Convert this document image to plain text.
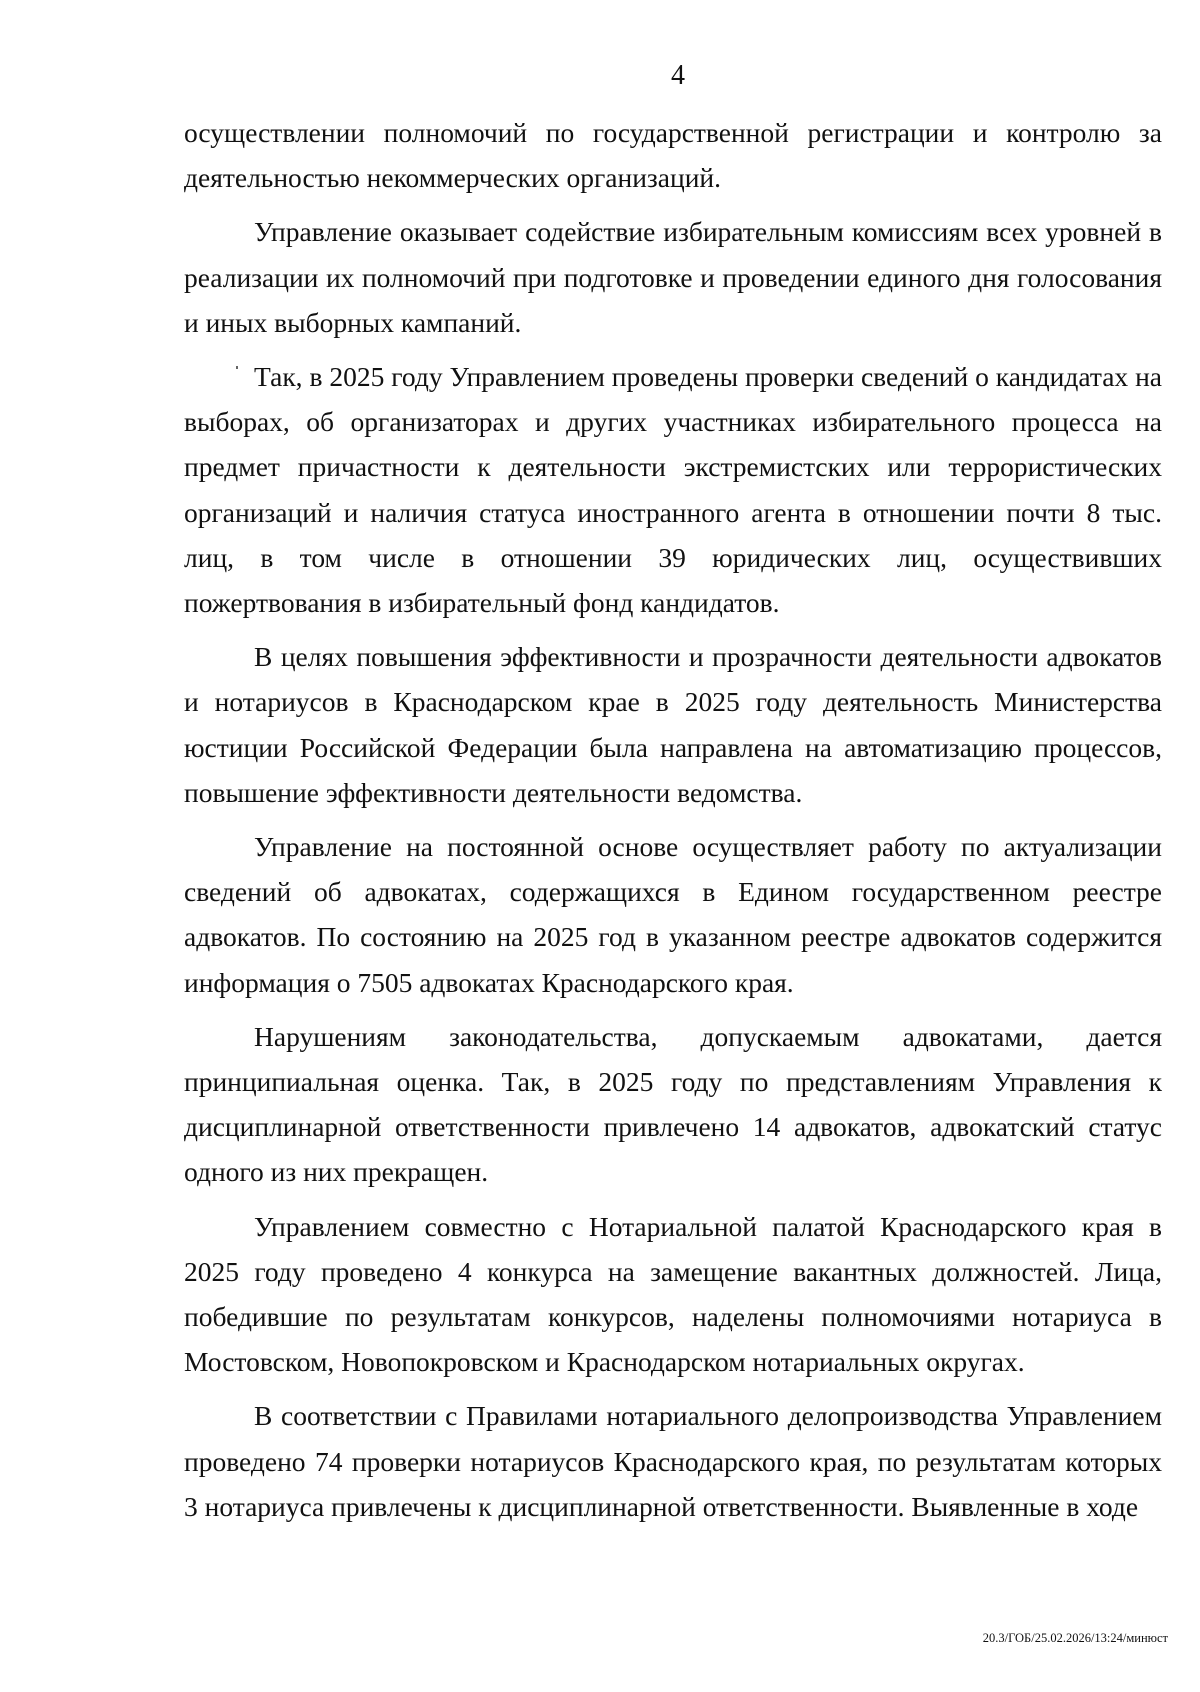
4

осуществлении полномочий по государственной регистрации и контролю за деятельностью некоммерческих организаций.

Управление оказывает содействие избирательным комиссиям всех уровней в реализации их полномочий при подготовке и проведении единого дня голосования и иных выборных кампаний.

Так, в 2025 году Управлением проведены проверки сведений о кандидатах на выборах, об организаторах и других участниках избирательного процесса на предмет причастности к деятельности экстремистских или террористических организаций и наличия статуса иностранного агента в отношении почти 8 тыс. лиц, в том числе в отношении 39 юридических лиц, осуществивших пожертвования в избирательный фонд кандидатов.

В целях повышения эффективности и прозрачности деятельности адвокатов и нотариусов в Краснодарском крае в 2025 году деятельность Министерства юстиции Российской Федерации была направлена на автоматизацию процессов, повышение эффективности деятельности ведомства.

Управление на постоянной основе осуществляет работу по актуализации сведений об адвокатах, содержащихся в Едином государственном реестре адвокатов. По состоянию на 2025 год в указанном реестре адвокатов содержится информация о 7505 адвокатах Краснодарского края.

Нарушениям законодательства, допускаемым адвокатами, дается принципиальная оценка. Так, в 2025 году по представлениям Управления к дисциплинарной ответственности привлечено 14 адвокатов, адвокатский статус одного из них прекращен.

Управлением совместно с Нотариальной палатой Краснодарского края в 2025 году проведено 4 конкурса на замещение вакантных должностей. Лица, победившие по результатам конкурсов, наделены полномочиями нотариуса в Мостовском, Новопокровском и Краснодарском нотариальных округах.

В соответствии с Правилами нотариального делопроизводства Управлением проведено 74 проверки нотариусов Краснодарского края, по результатам которых 3 нотариуса привлечены к дисциплинарной ответственности. Выявленные в ходе

20.3/ГОБ/25.02.2026/13:24/минюст
